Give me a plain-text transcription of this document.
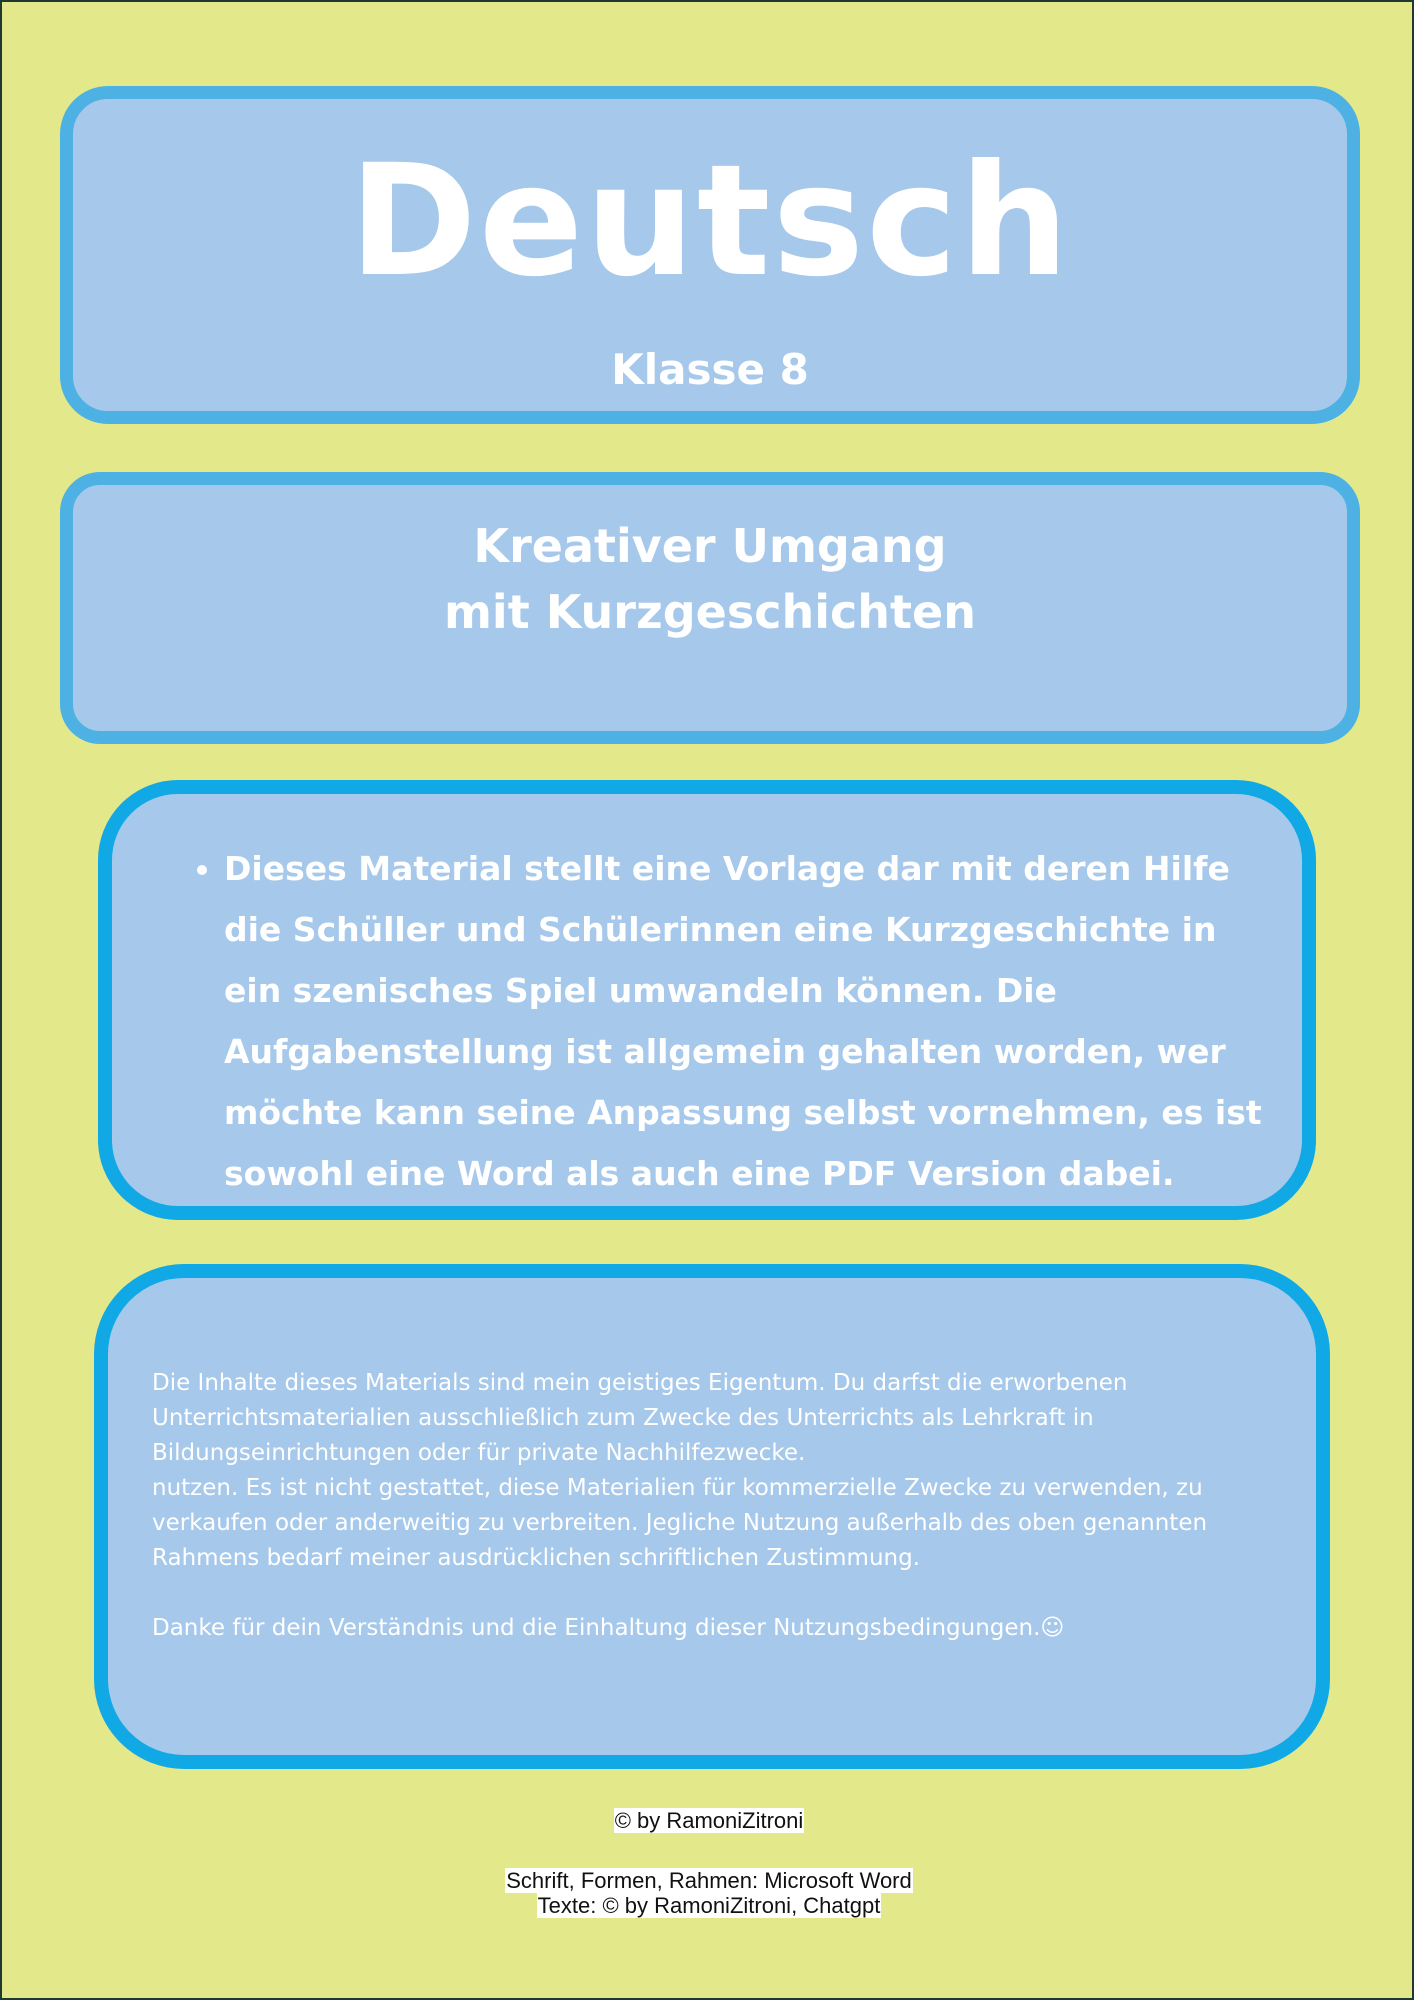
Deutsch
Klasse 8
Kreativer Umgang
mit Kurzgeschichten
• Dieses Material stellt eine Vorlage dar mit deren Hilfe die Schüller und Schülerinnen eine Kurzgeschichte in ein szenisches Spiel umwandeln können. Die Aufgabenstellung ist allgemein gehalten worden, wer möchte kann seine Anpassung selbst vornehmen, es ist sowohl eine Word als auch eine PDF Version dabei.

Die Inhalte dieses Materials sind mein geistiges Eigentum. Du darfst die erworbenen Unterrichtsmaterialien ausschließlich zum Zwecke des Unterrichts als Lehrkraft in Bildungseinrichtungen oder für private Nachhilfezwecke.

nutzen. Es ist nicht gestattet, diese Materialien für kommerzielle Zwecke zu verwenden, zu verkaufen oder anderweitig zu verbreiten. Jegliche Nutzung außerhalb des oben genannten Rahmens bedarf meiner ausdrücklichen schriftlichen Zustimmung.

Danke für dein Verständnis und die Einhaltung dieser Nutzungsbedingungen.☺

© by RamoniZitroni
Schrift, Formen, Rahmen: Microsoft Word
Texte: © by RamoniZitroni, Chatgpt
